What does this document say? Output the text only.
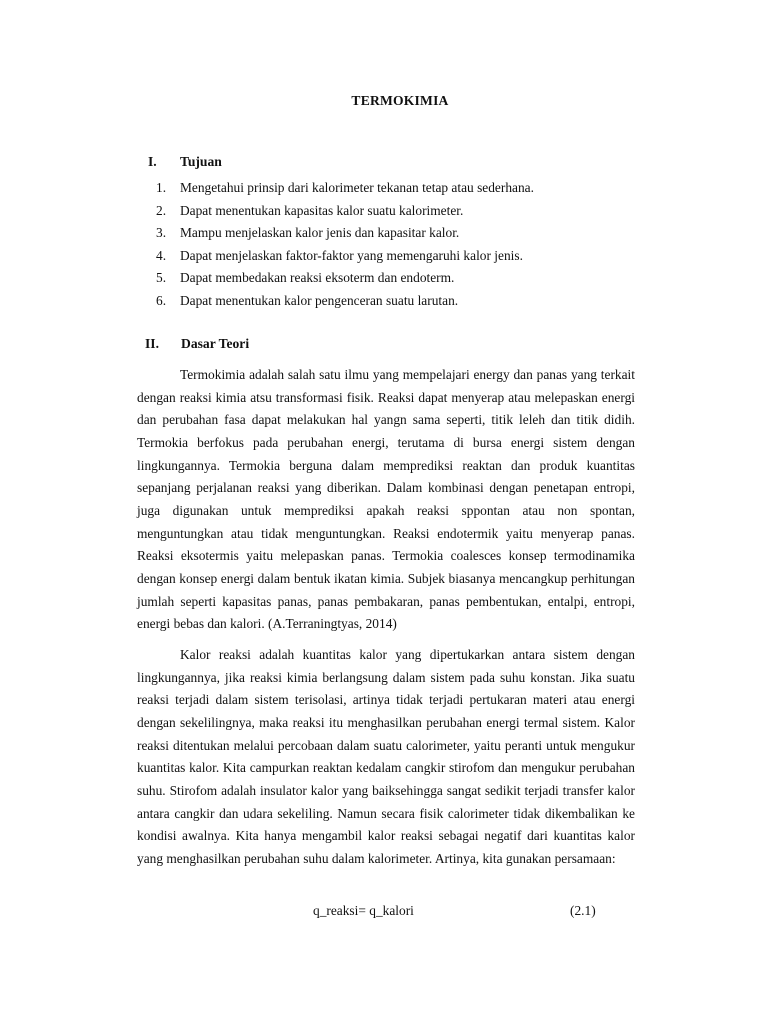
TERMOKIMIA
I. Tujuan
1. Mengetahui prinsip dari kalorimeter tekanan tetap atau sederhana.
2. Dapat menentukan kapasitas kalor suatu kalorimeter.
3. Mampu menjelaskan kalor jenis dan kapasitar kalor.
4. Dapat menjelaskan faktor-faktor yang memengaruhi kalor jenis.
5. Dapat membedakan reaksi eksoterm dan endoterm.
6. Dapat menentukan kalor pengenceran suatu larutan.
II. Dasar Teori

Termokimia adalah salah satu ilmu yang mempelajari energy dan panas yang terkait dengan reaksi kimia atsu transformasi fisik. Reaksi dapat menyerap atau melepaskan energi dan perubahan fasa dapat melakukan hal yangn sama seperti, titik leleh dan titik didih. Termokia berfokus pada perubahan energi, terutama di bursa energi sistem dengan lingkungannya. Termokia berguna dalam memprediksi reaktan dan produk kuantitas sepanjang perjalanan reaksi yang diberikan. Dalam kombinasi dengan penetapan entropi, juga digunakan untuk memprediksi apakah reaksi sppontan atau non spontan, menguntungkan atau tidak menguntungkan. Reaksi endotermik yaitu menyerap panas. Reaksi eksotermis yaitu melepaskan panas. Termokia coalesces konsep termodinamika dengan konsep energi dalam bentuk ikatan kimia. Subjek biasanya mencangkup perhitungan jumlah seperti kapasitas panas, panas pembakaran, panas pembentukan, entalpi, entropi, energi bebas dan kalori. (A.Terraningtyas, 2014)

Kalor reaksi adalah kuantitas kalor yang dipertukarkan antara sistem dengan lingkungannya, jika reaksi kimia berlangsung dalam sistem pada suhu konstan. Jika suatu reaksi terjadi dalam sistem terisolasi, artinya tidak terjadi pertukaran materi atau energi dengan sekelilingnya, maka reaksi itu menghasilkan perubahan energi termal sistem. Kalor reaksi ditentukan melalui percobaan dalam suatu calorimeter, yaitu peranti untuk mengukur kuantitas kalor. Kita campurkan reaktan kedalam cangkir stirofom dan mengukur perubahan suhu. Stirofom adalah insulator kalor yang baiksehingga sangat sedikit terjadi transfer kalor antara cangkir dan udara sekeliling. Namun secara fisik calorimeter tidak dikembalikan ke kondisi awalnya. Kita hanya mengambil kalor reaksi sebagai negatif dari kuantitas kalor yang menghasilkan perubahan suhu dalam kalorimeter. Artinya, kita gunakan persamaan:

q_reaksi= q_kalori	(2.1)
